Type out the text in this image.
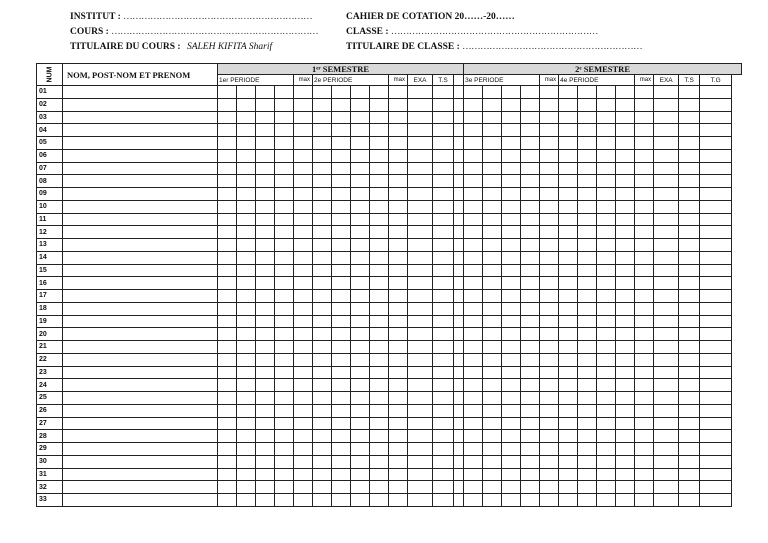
INSTITUT : ………………………………………………………
COURS : ……………………………………………………………
TITULAIRE DU COURS : SALEH KIFITA Sharif
CAHIER DE COTATION 20……-20……
CLASSE : ……………………………………………………………
TITULAIRE DE CLASSE : ……………………………………………………
NUM	NOM, POST-NOM ET PRENOM	1ᵉʳ SEMESTRE													2ᵉ SEMESTRE												
		1er PERIODE				max	2e PERIODE				max	EXA	T.S		3e PERIODE				max	4e PERIODE				max	EXA	T.S	T.G
01																											
02																											
03																											
04																											
05																											
06																											
07																											
08																											
09																											
10																											
11																											
12																											
13																											
14																											
15																											
16																											
17																											
18																											
19																											
20																											
21																											
22																											
23																											
24																											
25																											
26																											
27																											
28																											
29																											
30																											
31																											
32																											
33																											
